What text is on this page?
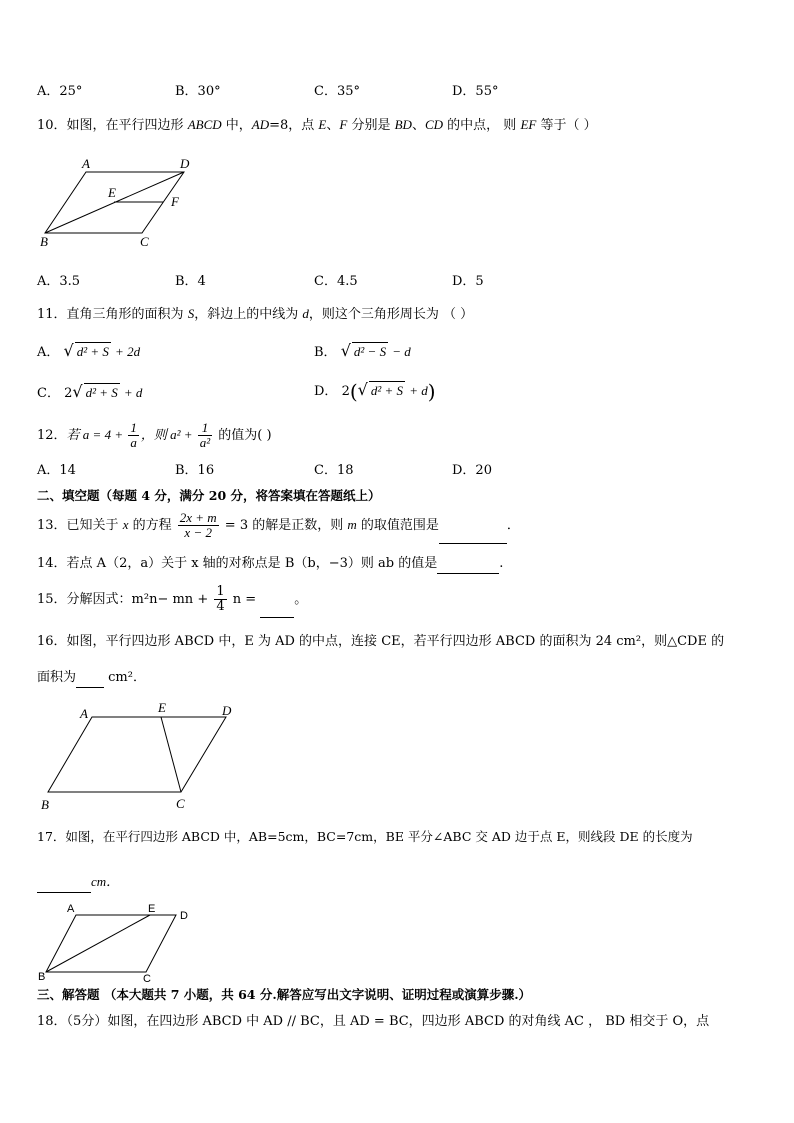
A．25°	B．30°	C．35°	D．55°
10．如图，在平行四边形 ABCD 中，AD=8，点 E、F 分别是 BD、CD 的中点， 则 EF 等于（ ）
A	D
E
F
B	C
A．3.5	B．4	C．4.5	D．5
11．直角三角形的面积为 S，斜边上的中线为 d，则这个三角形周长为 （ ）
A． √ d² + S + 2d	B． √ d² − S − d
C． 2√ d² + S + d	D． 2(√ d² + S + d)
12．若 $a = 4 + \frac{1}{a}$ ，则 $a^2 + \frac{1}{\text{a²}}$ 的值为( )
A．14	B．16	C．18	D．20
二、填空题（每题 4 分，满分 20 分，将答案填在答题纸上）
13．已知关于 x 的方程 $\frac{2x + m}{x - 2} = 3$ 的解是正数，则 m 的取值范围是	．
14．若点 A（2，a）关于 x 轴的对称点是 B（b，−3）则 ab 的值是	.
15．分解因式：m²n− mn + $\frac{1}{4}$ n =	。
16．如图，平行四边形 ABCD 中，E 为 AD 的中点，连接 CE，若平行四边形 ABCD 的面积为 24 cm²，则△CDE 的
面积为  cm²．
A	E	D
B	C
17．如图，在平行四边形 ABCD 中，AB=5cm，BC=7cm，BE 平分∠ABC 交 AD 边于点 E，则线段 DE 的长度为
cm．
A	E
D
B	C
三、解答题 （本大题共 7 小题，共 64 分.解答应写出文字说明、证明过程或演算步骤.）
18．（5分）如图，在四边形 ABCD 中 AD // BC，且 AD = BC，四边形 ABCD 的对角线 AC ， BD 相交于 O，点
